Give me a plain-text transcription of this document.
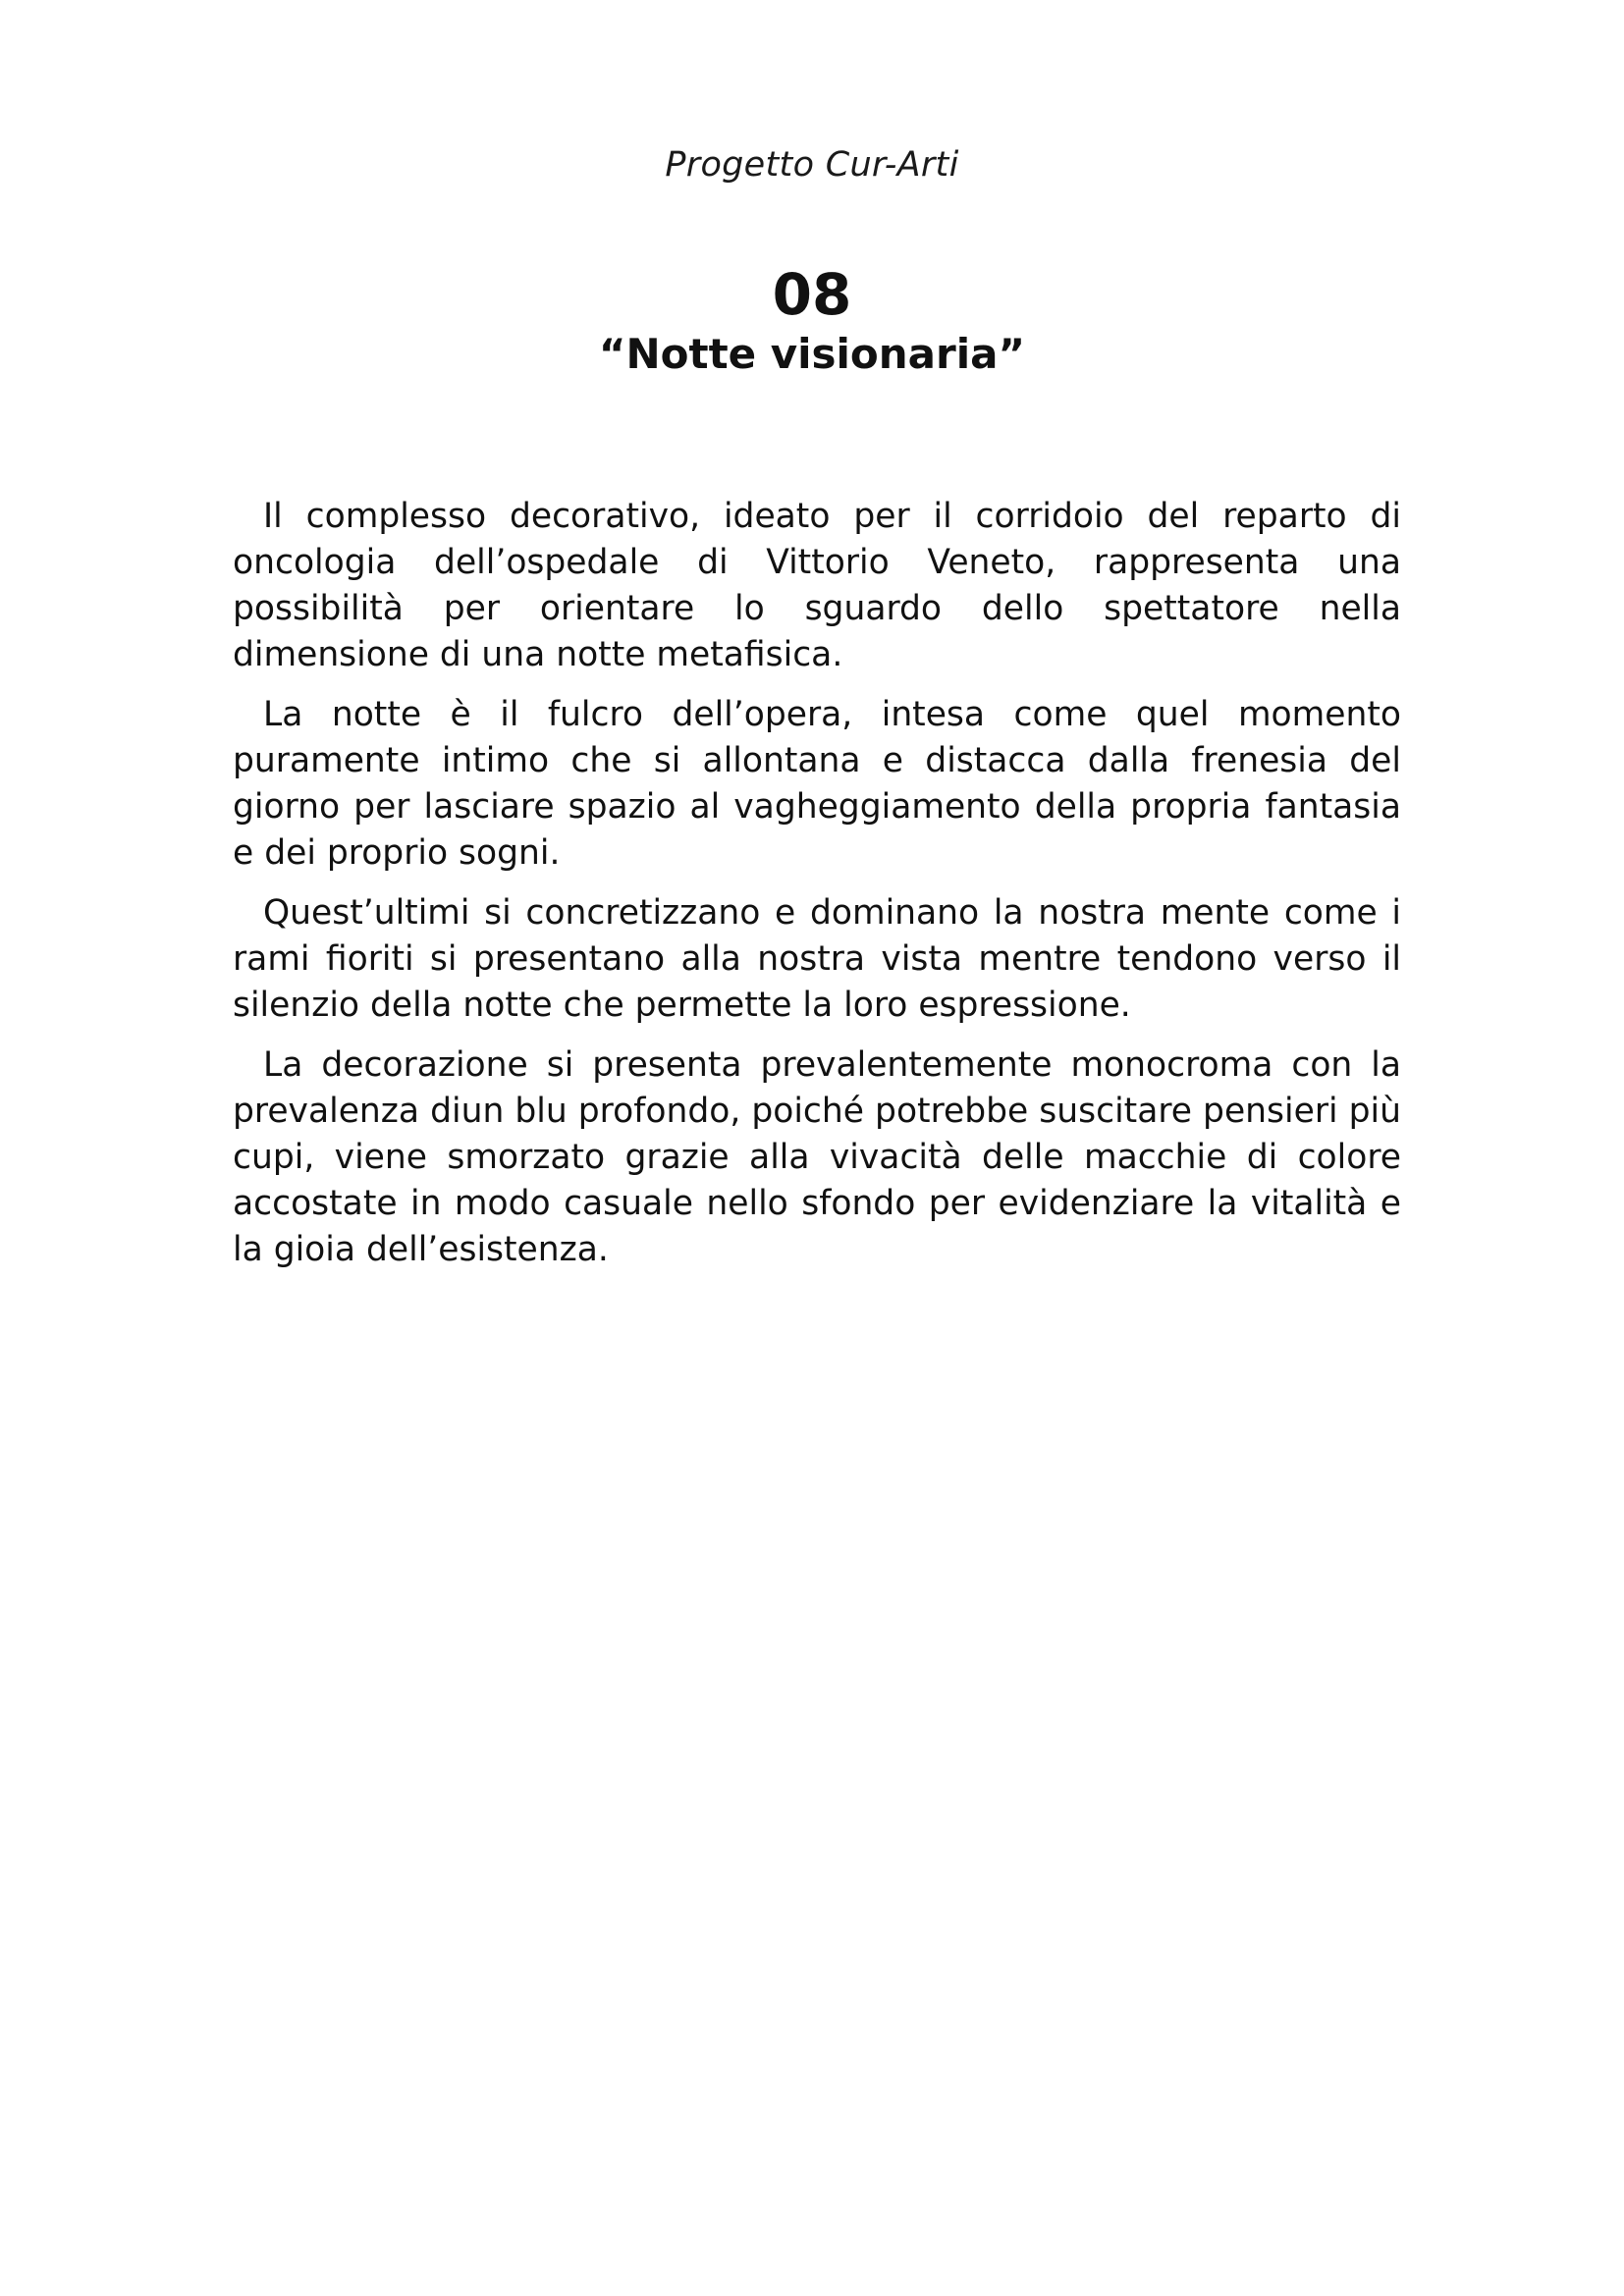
Progetto Cur-Arti
08
“Notte visionaria”

Il complesso decorativo, ideato per il corridoio del reparto di oncologia dell’ospedale di Vittorio Veneto, rappresenta una possibilità per orientare lo sguardo dello spettatore nella dimensione di una notte metafisica.

La notte è il fulcro dell’opera, intesa come quel momento puramente intimo che si allontana e distacca dalla frenesia del giorno per lasciare spazio al vagheggiamento della propria fantasia e dei proprio sogni.

Quest’ultimi si concretizzano e dominano la nostra mente come i rami fioriti si presentano alla nostra vista mentre tendono verso il silenzio della notte che permette la loro espressione.

La decorazione si presenta prevalentemente monocroma con la prevalenza diun blu profondo, poiché potrebbe suscitare pensieri più cupi, viene smorzato grazie alla vivacità delle macchie di colore accostate in modo casuale nello sfondo per evidenziare la vitalità e la gioia dell’esistenza.
